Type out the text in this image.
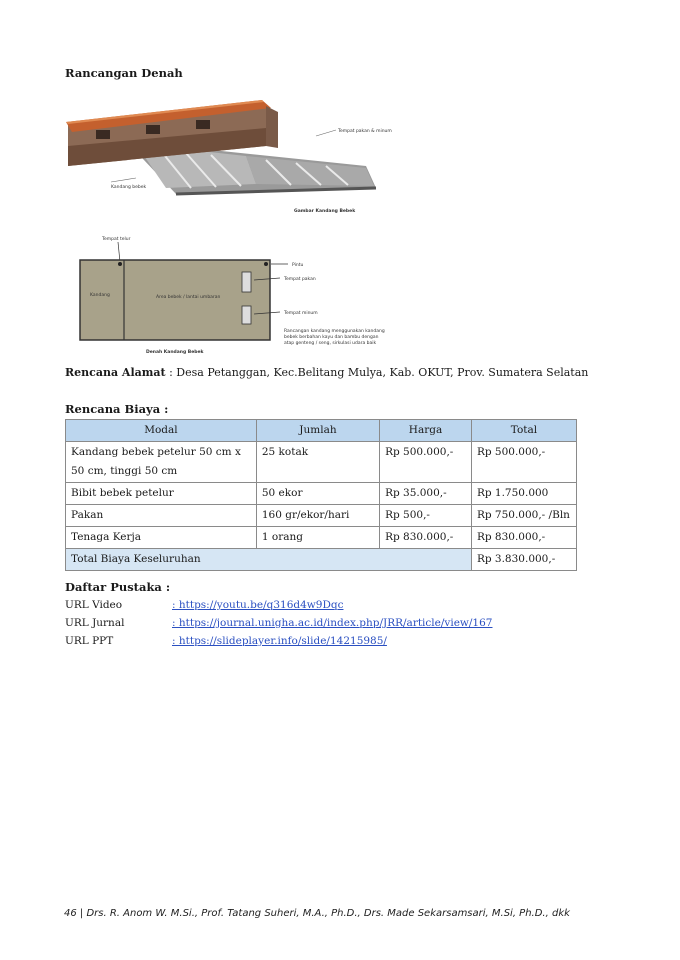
Rancangan Denah
Tempat pakan & minum
Kandang bebek
Gambar Kandang Bebek
Tempat telur
Kandang	Area bebek / lantai umbaran
Pintu
Tempat pakan
Tempat minum
Rancangan kandang menggunakan kandang
bebek berbahan kayu dan bambu dengan
atap genteng / seng, sirkulasi udara baik
Denah Kandang Bebek
Rencana Alamat : Desa Petanggan, Kec.Belitang Mulya, Kab. OKUT, Prov. Sumatera Selatan
Rencana Biaya :
Modal	Jumlah	Harga	Total
Kandang bebek petelur 50 cm x 50 cm, tinggi 50 cm	25 kotak	Rp 500.000,-	Rp 500.000,-
Bibit bebek petelur	50 ekor	Rp 35.000,-	Rp 1.750.000
Pakan	160 gr/ekor/hari	Rp 500,-	Rp 750.000,- /Bln
Tenaga Kerja	1 orang	Rp 830.000,-	Rp 830.000,-
Total Biaya Keseluruhan			Rp 3.830.000,-
Daftar Pustaka :
URL Video	: https://youtu.be/q316d4w9Dqc
URL Jurnal	: https://journal.unigha.ac.id/index.php/JRR/article/view/167
URL PPT	: https://slideplayer.info/slide/14215985/
46 | Drs. R. Anom W. M.Si., Prof. Tatang Suheri, M.A., Ph.D., Drs. Made Sekarsamsari, M.Si, Ph.D., dkk
